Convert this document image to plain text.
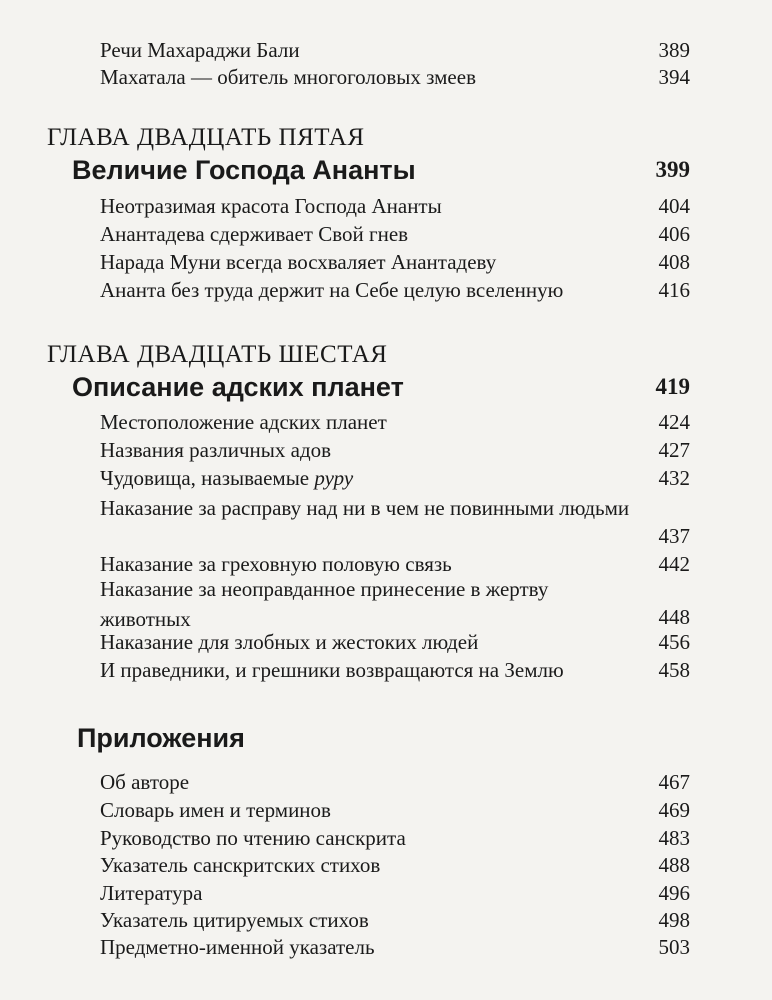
Речи Махараджи Бали	389
Махатала — обитель многоголовых змеев	394
ГЛАВА ДВАДЦАТЬ ПЯТАЯ
Величие Господа Ананты	399
Неотразимая красота Господа Ананты	404
Анантадева сдерживает Свой гнев	406
Нарада Муни всегда восхваляет Анантадеву	408
Ананта без труда держит на Себе целую вселенную	416
ГЛАВА ДВАДЦАТЬ ШЕСТАЯ
Описание адских планет	419
Местоположение адских планет	424
Названия различных адов	427
Чудовища, называемые руру	432
Наказание за расправу над ни в чем не повинными людьми
437
Наказание за греховную половую связь	442
Наказание за неоправданное принесение в жертву животных	448
Наказание для злобных и жестоких людей	456
И праведники, и грешники возвращаются на Землю	458
Приложения
Об авторе	467
Словарь имен и терминов	469
Руководство по чтению санскрита	483
Указатель санскритских стихов	488
Литература	496
Указатель цитируемых стихов	498
Предметно-именной указатель	503
